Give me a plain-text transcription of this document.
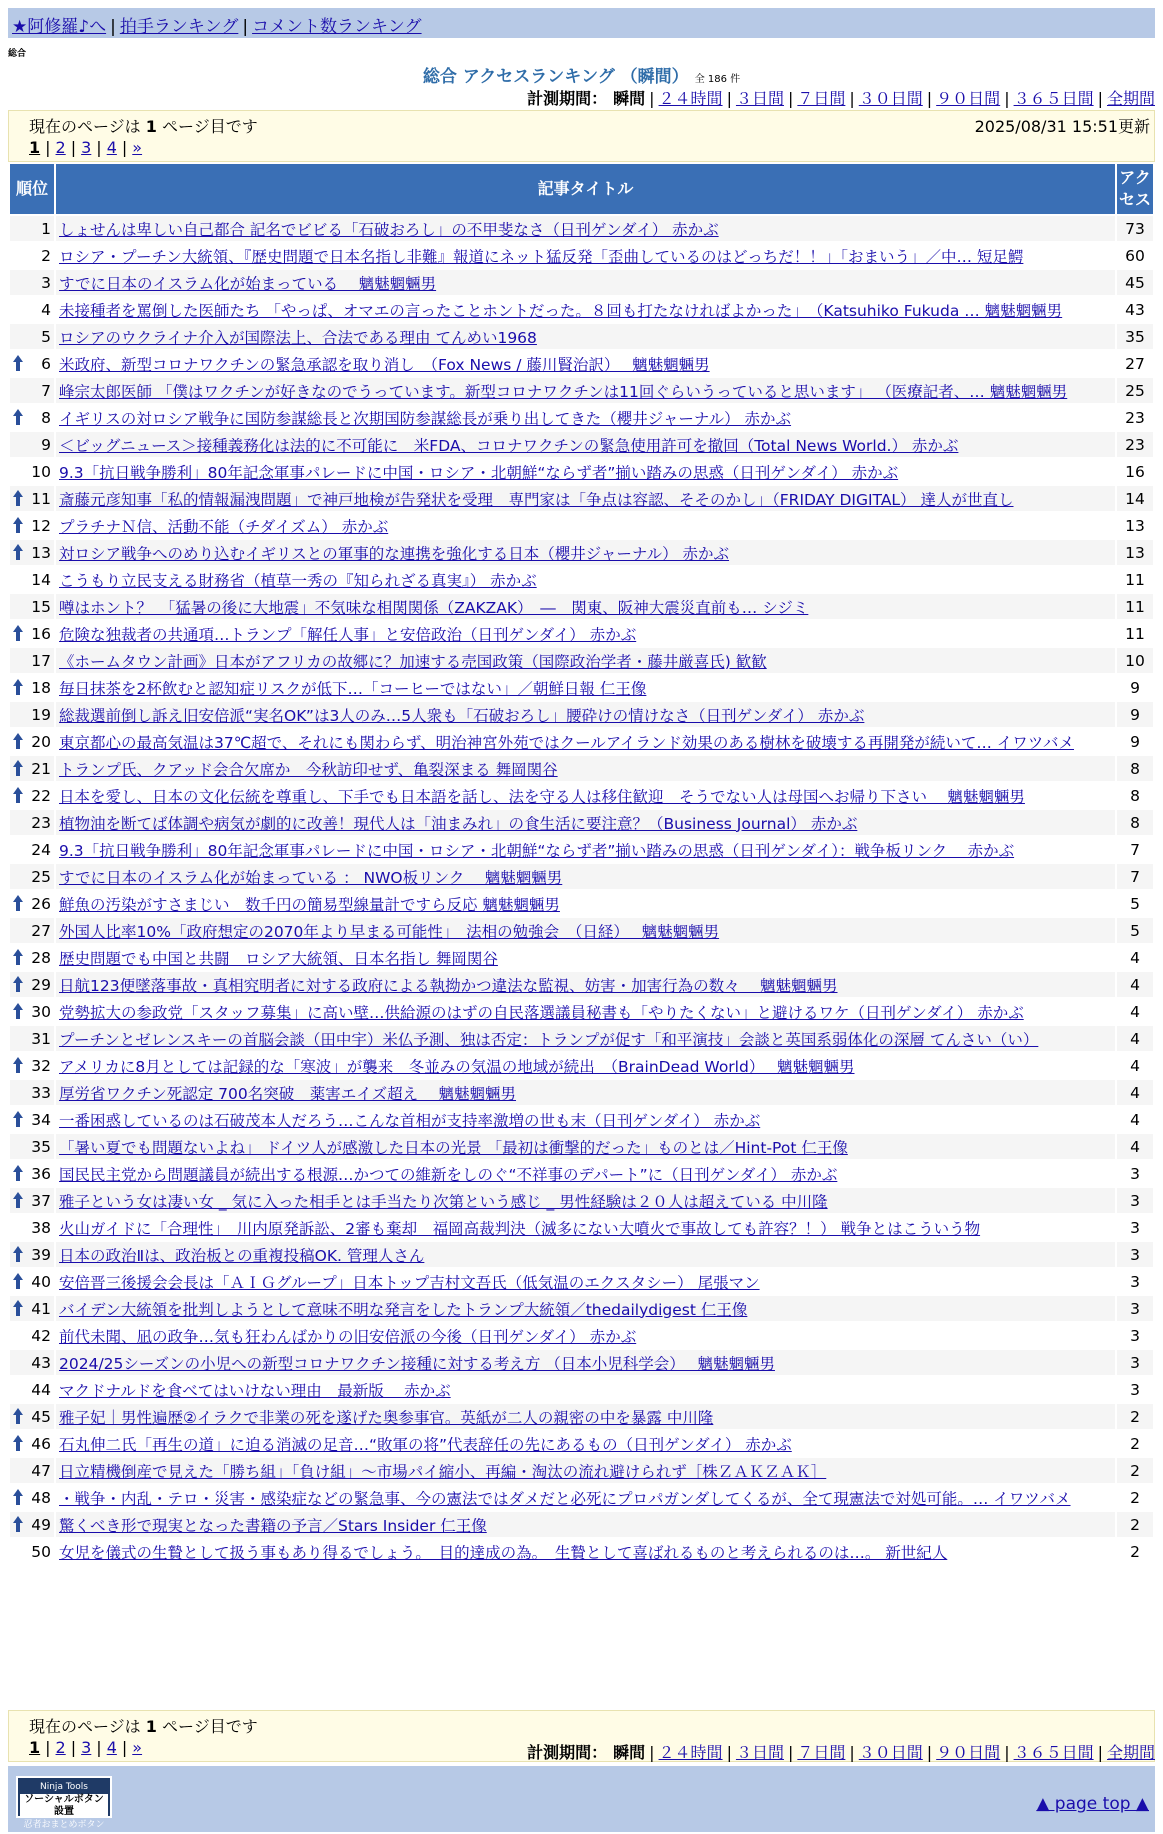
★阿修羅♪へ | 拍手ランキング | コメント数ランキング
総合
総合 アクセスランキング （瞬間） 全 186 件
計測期間： 瞬間 | ２４時間 | ３日間 | ７日間 | ３０日間 | ９０日間 | ３６５日間 | 全期間
現在のページは 1 ページ目です	2025/08/31 15:51更新
1 | 2 | 3 | 4 | »
順位	記事タイトル	アクセス
1	しょせんは卑しい自己都合 記名でビビる「石破おろし」の不甲斐なさ（日刊ゲンダイ） 赤かぶ	73
2	ロシア・プーチン大統領、『歴史問題で日本名指し非難』報道にネット猛反発「歪曲しているのはどっちだ！！」「おまいう」／中… 短足鰐	60
3	すでに日本のイスラム化が始まっている　 魑魅魍魎男	45
4	未接種者を罵倒した医師たち 「やっぱ、オマエの言ったことホントだった。８回も打たなければよかった」　（Katsuhiko Fukuda … 魑魅魍魎男	43
5	ロシアのウクライナ介入が国際法上、合法である理由 てんめい1968	35

6	米政府、新型コロナワクチンの緊急承認を取り消し　（Fox News / 藤川賢治訳）　 魑魅魍魎男	27
7	峰宗太郎医師 「僕はワクチンが好きなのでうっています。新型コロナワクチンは11回ぐらいうっていると思います」 （医療記者、… 魑魅魍魎男	25

8	イギリスの対ロシア戦争に国防参謀総長と次期国防参謀総長が乗り出してきた（櫻井ジャーナル） 赤かぶ	23
9	＜ビッグニュース＞接種義務化は法的に不可能に　米FDA、コロナワクチンの緊急使用許可を撤回（Total News World.） 赤かぶ	23
10	9.3「抗日戦争勝利」80年記念軍事パレードに中国・ロシア・北朝鮮“ならず者”揃い踏みの思惑（日刊ゲンダイ） 赤かぶ	16

11	斎藤元彦知事「私的情報漏洩問題」で神戸地検が告発状を受理　専門家は「争点は容認、そそのかし」（FRIDAY DIGITAL） 達人が世直し	14

12	プラチナＮ信、活動不能（チダイズム） 赤かぶ	13

13	対ロシア戦争へのめり込むイギリスとの軍事的な連携を強化する日本（櫻井ジャーナル） 赤かぶ	13
14	こうもり立民支える財務省（植草一秀の『知られざる真実』） 赤かぶ	11
15	噂はホント？　「猛暑の後に大地震」不気味な相関関係（ZAKZAK）　―　関東、阪神大震災直前も… シジミ	11

16	危険な独裁者の共通項…トランプ「解任人事」と安倍政治（日刊ゲンダイ） 赤かぶ	11
17	《ホームタウン計画》日本がアフリカの故郷に？加速する売国政策（国際政治学者・藤井厳喜氏) 歓歓	10

18	毎日抹茶を2杯飲むと認知症リスクが低下…「コーヒーではない」／朝鮮日報 仁王像	9
19	総裁選前倒し訴え旧安倍派“実名OK”は3人のみ…5人衆も「石破おろし」腰砕けの情けなさ（日刊ゲンダイ） 赤かぶ	9

20	東京都心の最高気温は37℃超で、それにも関わらず、明治神宮外苑ではクールアイランド効果のある樹林を破壊する再開発が続いて… イワツバメ	9

21	トランプ氏、クアッド会合欠席か　今秋訪印せず、亀裂深まる 舞岡関谷	8

22	日本を愛し、日本の文化伝統を尊重し、下手でも日本語を話し、法を守る人は移住歓迎　そうでない人は母国へお帰り下さい　 魑魅魍魎男	8
23	植物油を断てば体調や病気が劇的に改善！現代人は「油まみれ」の食生活に要注意？（Business Journal） 赤かぶ	8
24	9.3「抗日戦争勝利」80年記念軍事パレードに中国・ロシア・北朝鮮“ならず者”揃い踏みの思惑（日刊ゲンダイ）：戦争板リンク　 赤かぶ	7
25	すでに日本のイスラム化が始まっている ： NWO板リンク　 魑魅魍魎男	7

26	鮮魚の汚染がすさまじい　数千円の簡易型線量計ですら反応 魑魅魍魎男	5
27	外国人比率10%「政府想定の2070年より早まる可能性」　法相の勉強会　（日経）　 魑魅魍魎男	5

28	歴史問題でも中国と共闘　ロシア大統領、日本名指し 舞岡関谷	4

29	日航123便墜落事故・真相究明者に対する政府による執拗かつ違法な監視、妨害・加害行為の数々　 魑魅魍魎男	4

30	党勢拡大の参政党「スタッフ募集」に高い壁…供給源のはずの自民落選議員秘書も「やりたくない」と避けるワケ（日刊ゲンダイ） 赤かぶ	4
31	プーチンとゼレンスキーの首脳会談（田中宇）米仏予測、独は否定：トランプが促す「和平演技」会談と英国系弱体化の深層 てんさい（い）	4

32	アメリカに8月としては記録的な「寒波」が襲来　冬並みの気温の地域が続出　（BrainDead World）　 魑魅魍魎男	4
33	厚労省ワクチン死認定 700名突破　薬害エイズ超え　 魑魅魍魎男	4

34	一番困惑しているのは石破茂本人だろう…こんな首相が支持率激増の世も末（日刊ゲンダイ） 赤かぶ	4
35	「暑い夏でも問題ないよね」 ドイツ人が感激した日本の光景 「最初は衝撃的だった」ものとは／Hint-Pot 仁王像	4

36	国民民主党から問題議員が続出する根源…かつての維新をしのぐ“不祥事のデパート”に（日刊ゲンダイ） 赤かぶ	3

37	雅子という女は凄い女 _ 気に入った相手とは手当たり次第という感じ _ 男性経験は２０人は超えている 中川隆	3
38	火山ガイドに「合理性」　川内原発訴訟、2審も棄却　福岡高裁判決（滅多にない大噴火で事故しても許容？！） 戦争とはこういう物	3

39	日本の政治Ⅱは、政治板との重複投稿OK. 管理人さん	3

40	安倍晋三後援会会長は「ＡＩＧグループ」日本トップ吉村文吾氏（低気温のエクスタシー） 尾張マン	3

41	バイデン大統領を批判しようとして意味不明な発言をしたトランプ大統領／thedailydigest 仁王像	3
42	前代未聞、凪の政争…気も狂わんばかりの旧安倍派の今後（日刊ゲンダイ） 赤かぶ	3
43	2024/25シーズンの小児への新型コロナワクチン接種に対する考え方 （日本小児科学会）　 魑魅魍魎男	3
44	マクドナルドを食べてはいけない理由　最新版　 赤かぶ	3

45	雅子妃｜男性遍歴②イラクで非業の死を遂げた奥参事官。英紙が二人の親密の中を暴露 中川隆	2

46	石丸伸二氏「再生の道」に迫る消滅の足音…“敗軍の将”代表辞任の先にあるもの（日刊ゲンダイ） 赤かぶ	2
47	日立精機倒産で見えた「勝ち組」「負け組」～市場パイ縮小、再編・淘汰の流れ避けられず［株ＺＡＫＺＡＫ］	2

48	・戦争・内乱・テロ・災害・感染症などの緊急事、今の憲法ではダメだと必死にプロパガンダしてくるが、全て現憲法で対処可能。… イワツバメ	2

49	驚くべき形で現実となった書籍の予言／Stars Insider 仁王像	2
50	女児を儀式の生贄として扱う事もあり得るでしょう。　目的達成の為。　生贄として喜ばれるものと考えられるのは…。 新世紀人	2
現在のページは 1 ページ目です
1 | 2 | 3 | 4 | »	計測期間： 瞬間 | ２４時間 | ３日間 | ７日間 | ３０日間 | ９０日間 | ３６５日間 | 全期間
Ninja Tools
ソーシャルボタン設置
忍者おまとめボタン
▲ page top ▲
